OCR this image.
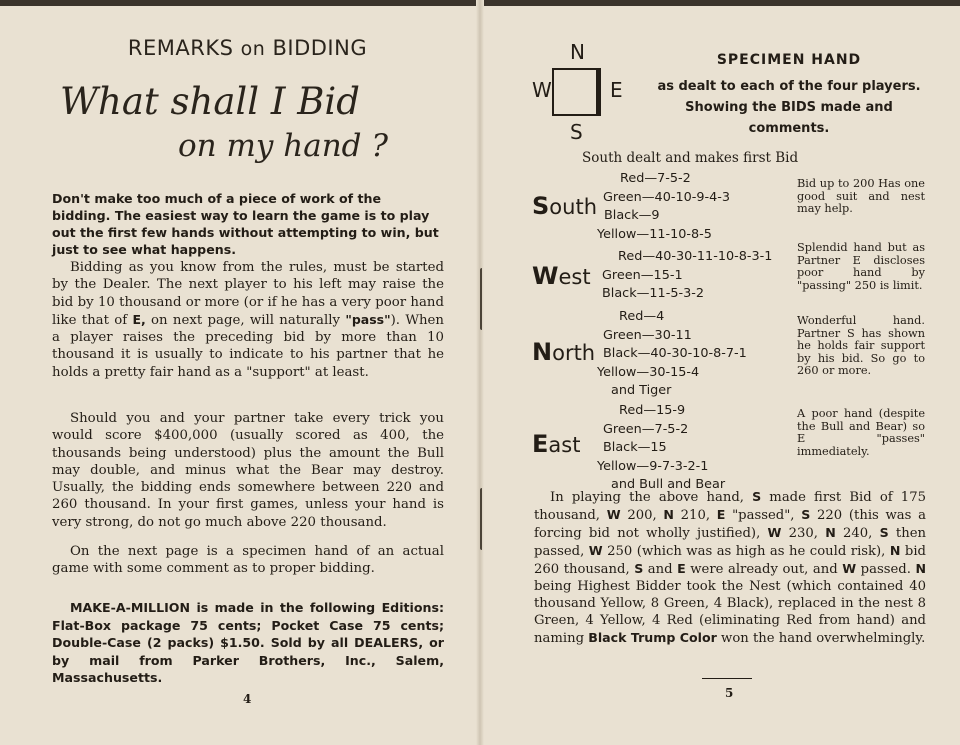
REMARKS on BIDDING
What shall I Bid
on my hand ?

Don't make too much of a piece of work of the bidding. The easiest way to learn the game is to play out the first few hands without attempting to win, but just to see what happens.

Bidding as you know from the rules, must be started by the Dealer. The next player to his left may raise the bid by 10 thousand or more (or if he has a very poor hand like that of E, on next page, will naturally "pass"). When a player raises the preceding bid by more than 10 thousand it is usually to indicate to his partner that he holds a pretty fair hand as a "support" at least.

Should you and your partner take every trick you would score $400,000 (usually scored as 400, the thousands being understood) plus the amount the Bull may double, and minus what the Bear may destroy. Usually, the bidding ends somewhere between 220 and 260 thousand. In your first games, unless your hand is very strong, do not go much above 220 thousand.

On the next page is a specimen hand of an actual game with some comment as to proper bidding.

MAKE-A-MILLION is made in the following Editions: Flat-Box package 75 cents; Pocket Case 75 cents; Double-Case (2 packs) $1.50. Sold by all DEALERS, or by mail from Parker Brothers, Inc., Salem, Massachusetts.

4
N
W	E
S
SPECIMEN HAND

as dealt to each of the four players. Showing the BIDS made and comments.

South dealt and makes first Bid
South
Red—7-5-2
Green—40-10-9-4-3
Black—9
Yellow—11-10-8-5

Bid up to 200 Has one good suit and nest may help.

West
Red—40-30-11-10-8-3-1
Green—15-1
Black—11-5-3-2

Splendid hand but as Partner E discloses poor hand by "passing" 250 is limit.

North
Red—4
Green—30-11
Black—40-30-10-8-7-1
Yellow—30-15-4
and Tiger

Wonderful hand. Partner S has shown he holds fair support by his bid. So go to 260 or more.

East
Red—15-9
Green—7-5-2
Black—15
Yellow—9-7-3-2-1
and Bull and Bear

A poor hand (despite the Bull and Bear) so E "passes" immediately.

In playing the above hand, S made first Bid of 175 thousand, W 200, N 210, E "passed", S 220 (this was a forcing bid not wholly justified), W 230, N 240, S then passed, W 250 (which was as high as he could risk), N bid 260 thousand, S and E were already out, and W passed. N being Highest Bidder took the Nest (which contained 40 thousand Yellow, 8 Green, 4 Black), replaced in the nest 8 Green, 4 Yellow, 4 Red (eliminating Red from hand) and naming Black Trump Color won the hand overwhelmingly.

5
